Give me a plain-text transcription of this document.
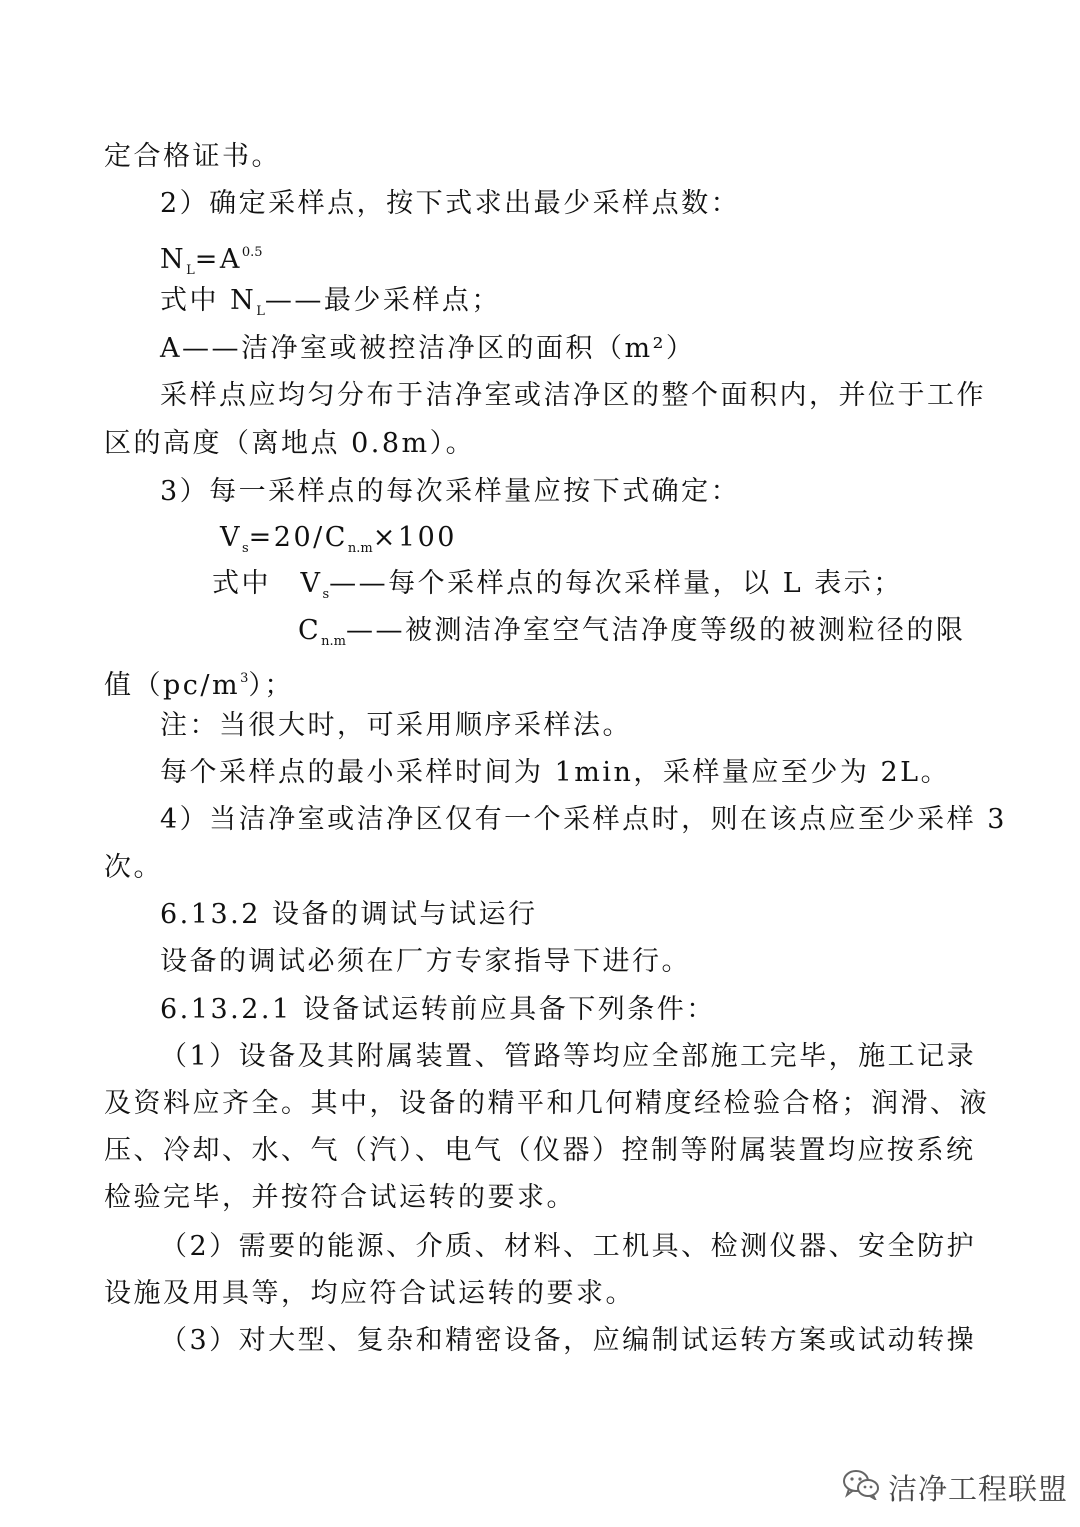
定合格证书。
2）确定采样点，按下式求出最少采样点数：
$N_L=A^{0.5}$
式中 $N_L——$最少采样点；
A——洁净室或被控洁净区的面积（m²）
采样点应均匀分布于洁净室或洁净区的整个面积内，并位于工作
区的高度（离地点 0.8m）。
3）每一采样点的每次采样量应按下式确定：
$V_s=20/C_{n.m}\times 100$
式中　$V_s——$每个采样点的每次采样量，以 L 表示；
$C_{n.m}——$被测洁净室空气洁净度等级的被测粒径的限
值$(pc/m^3)$；
注：当很大时，可采用顺序采样法。
每个采样点的最小采样时间为 1min，采样量应至少为 2L。
4）当洁净室或洁净区仅有一个采样点时，则在该点应至少采样 3
次。
6.13.2 设备的调试与试运行
设备的调试必须在厂方专家指导下进行。
6.13.2.1 设备试运转前应具备下列条件：
（1）设备及其附属装置、管路等均应全部施工完毕，施工记录
及资料应齐全。其中，设备的精平和几何精度经检验合格；润滑、液
压、冷却、水、气（汽）、电气（仪器）控制等附属装置均应按系统
检验完毕，并按符合试运转的要求。
（2）需要的能源、介质、材料、工机具、检测仪器、安全防护
设施及用具等，均应符合试运转的要求。
（3）对大型、复杂和精密设备，应编制试运转方案或试动转操
洁净工程联盟
